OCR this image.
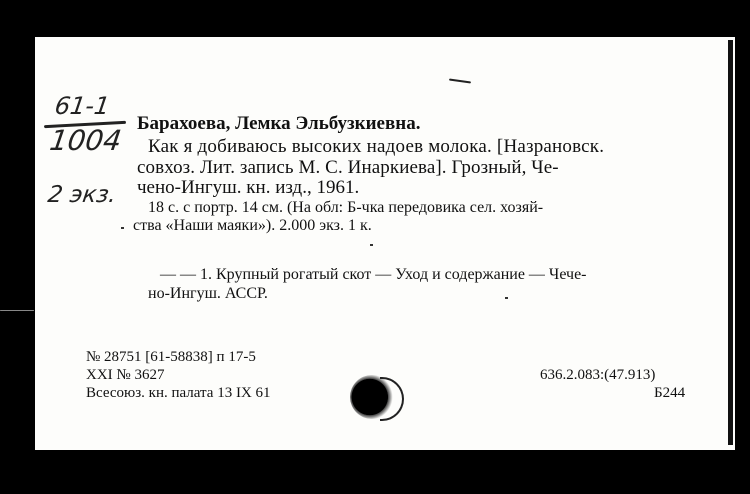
61-1
1004
2 экз.
Барахоева, Лемка Эльбузкиевна.
Как я добиваюсь высоких надоев молока. [Назрановск.
совхоз. Лит. запись М. С. Инаркиева]. Грозный, Че-
чено-Ингуш. кн. изд., 1961.
18 с. с портр. 14 см. (На обл: Б-чка передовика сел. хозяй-
ства «Наши маяки»). 2.000 экз. 1 к.
— — 1. Крупный рогатый скот — Уход и содержание — Чече-
но-Ингуш. АССР.
№ 28751 [61-58838] п 17-5
XXI № 3627
Всесоюз. кн. палата 13 IX 61
636.2.083:(47.913)
Б244
